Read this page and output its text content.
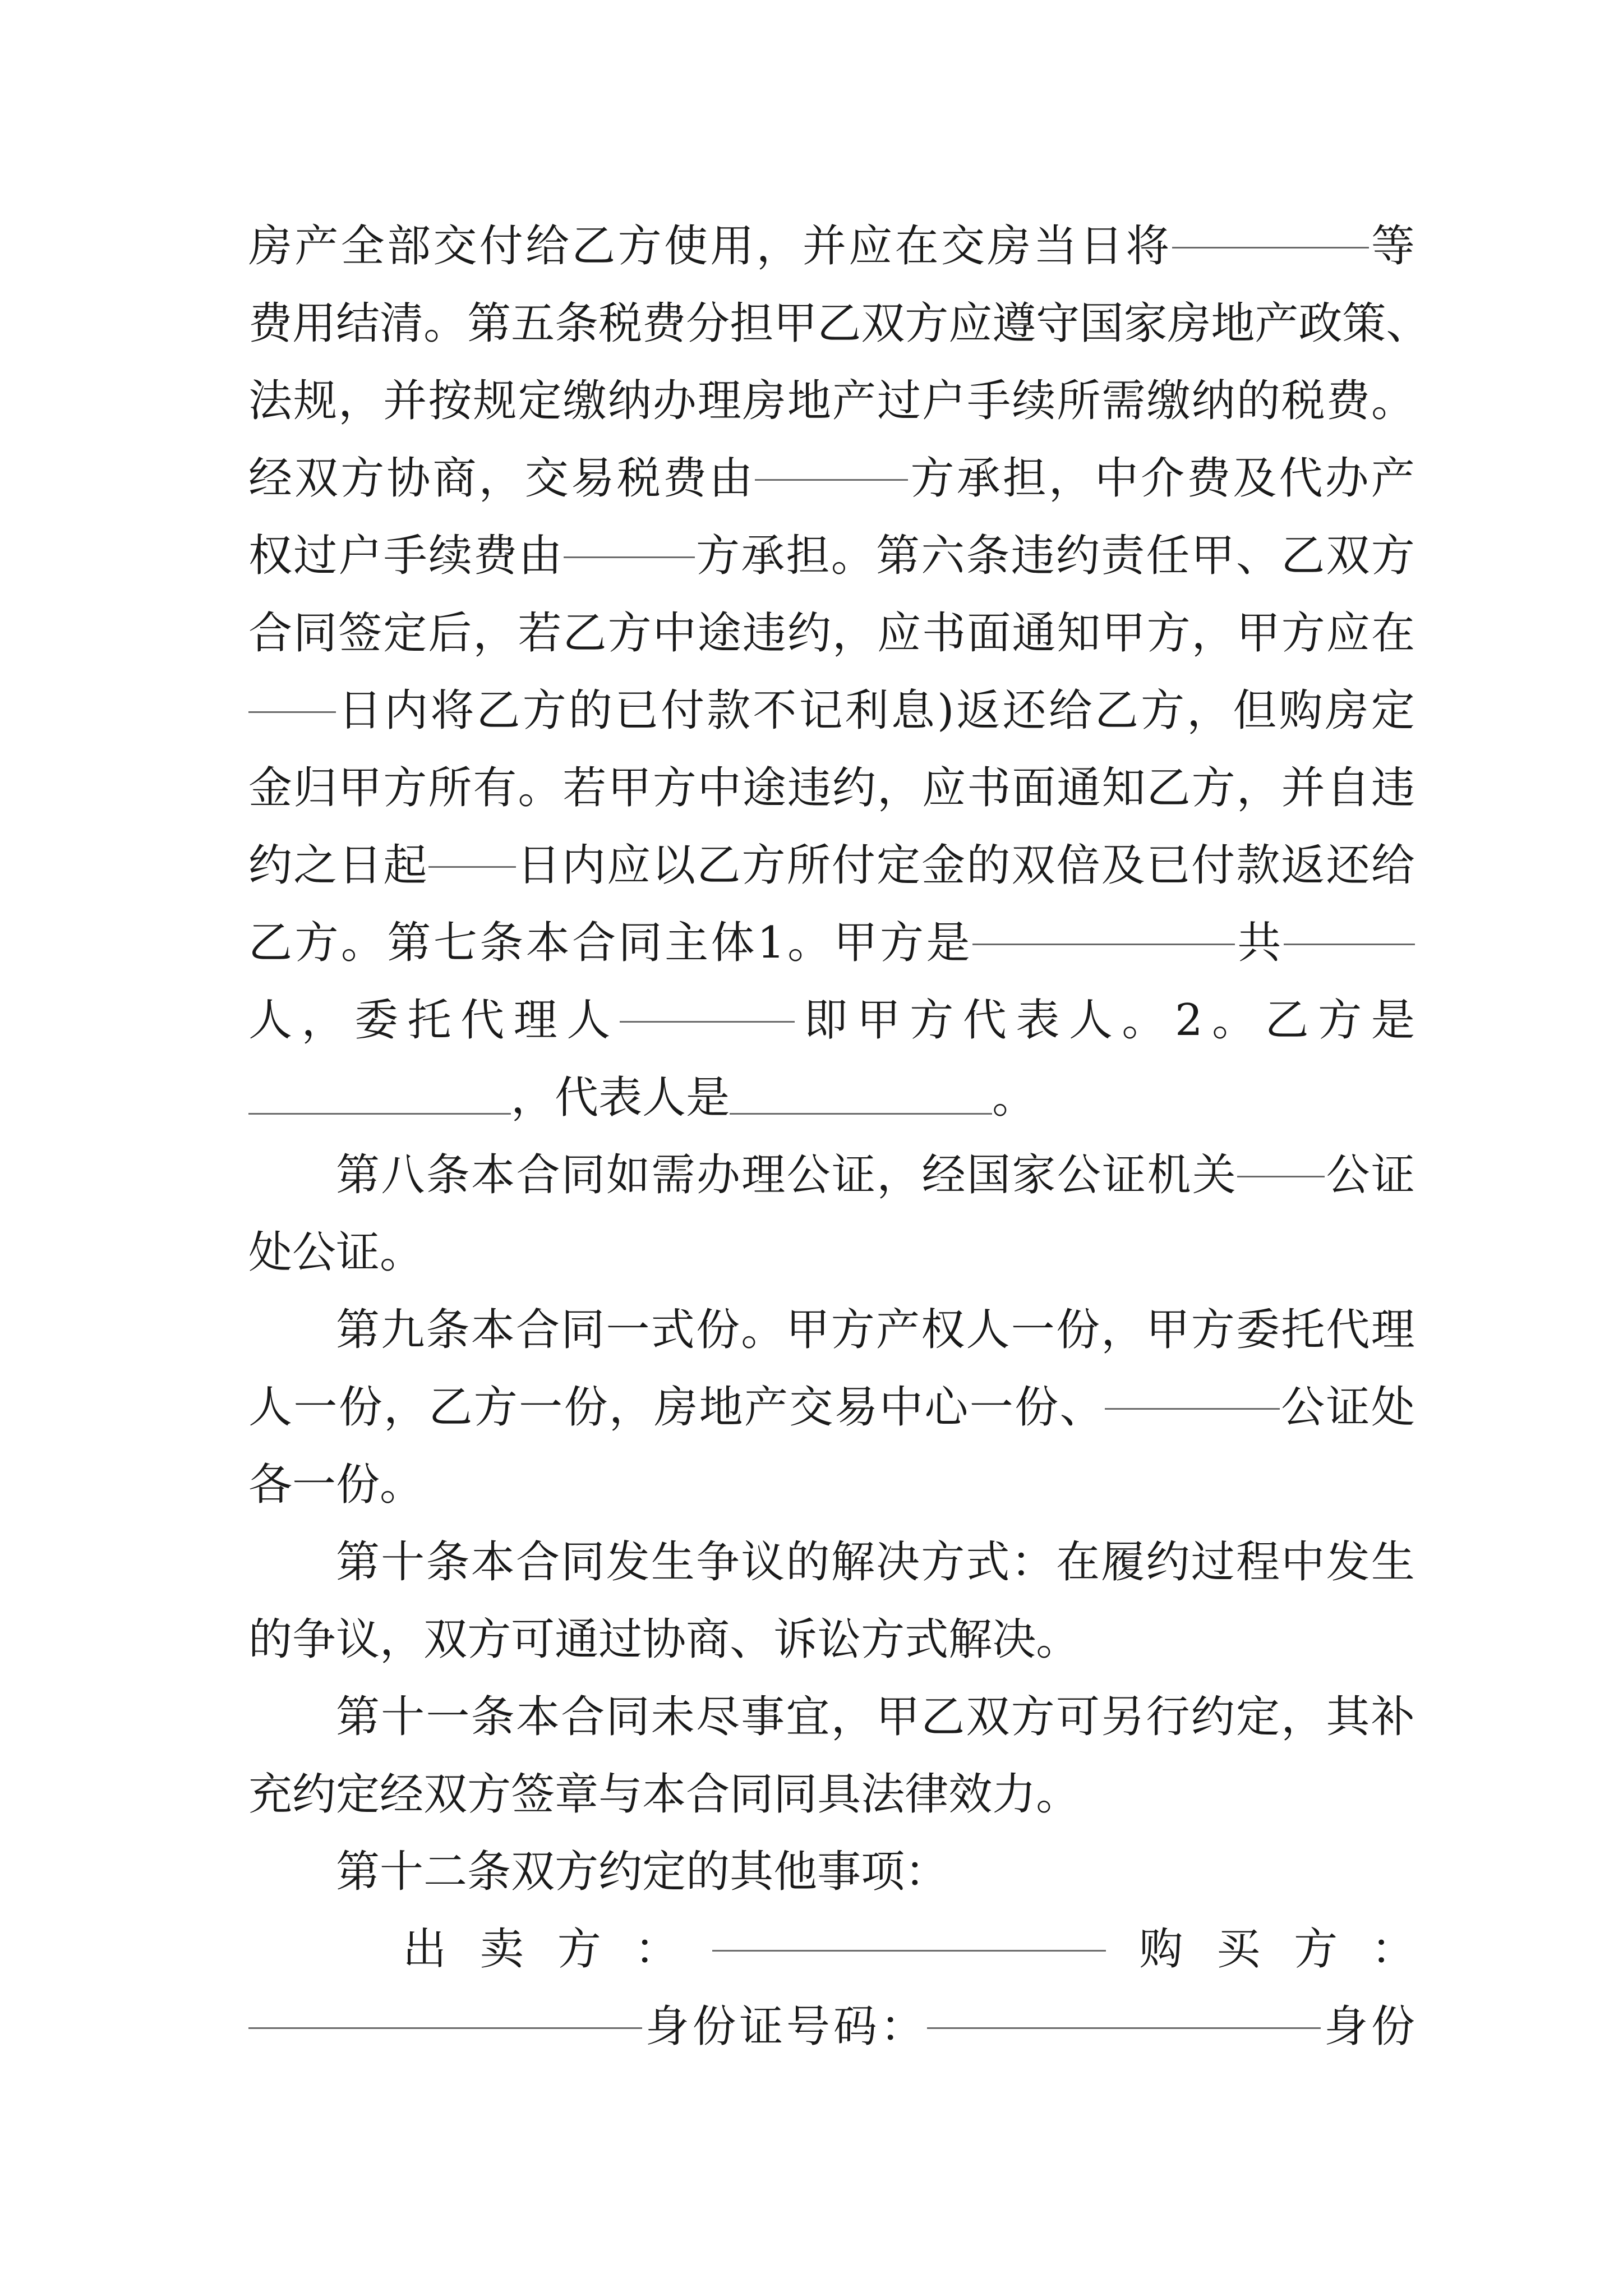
房 产 全 部 交 付 给 乙 方 使 用 ， 并 应 在 交 房 当 日 将	等
费 用 结 清 。 第 五 条 税 费 分 担 甲 乙 双 方 应 遵 守 国 家 房 地 产 政 策 、
法 规 ， 并 按 规 定 缴 纳 办 理 房 地 产 过 户 手 续 所 需 缴 纳 的 税 费 。
经 双 方 协 商 ， 交 易 税 费 由	方 承 担 ， 中 介 费 及 代 办 产
权 过 户 手 续 费 由	方 承 担 。 第 六 条 违 约 责 任 甲 、 乙 双 方
合 同 签 定 后 ， 若 乙 方 中 途 违 约 ， 应 书 面 通 知 甲 方 ， 甲 方 应 在
日 内 将 乙 方 的 已 付 款 不 记 利 息 ) 返 还 给 乙 方 ， 但 购 房 定
金 归 甲 方 所 有 。 若 甲 方 中 途 违 约 ， 应 书 面 通 知 乙 方 ， 并 自 违
约 之 日 起 日 内 应 以 乙 方 所 付 定 金 的 双 倍 及 已 付 款 返 还 给
乙 方 。 第 七 条 本 合 同 主 体 1 。 甲 方 是	共
人 ， 委 托 代 理 人	即 甲 方 代 表 人 。 2 。 乙 方 是
，代表人是	。
第 八 条 本 合 同 如 需 办 理 公 证 ， 经 国 家 公 证 机 关 公 证
处公证。
第 九 条 本 合 同 一 式 份 。 甲 方 产 权 人 一 份 ， 甲 方 委 托 代 理
人 一 份 ， 乙 方 一 份 ， 房 地 产 交 易 中 心 一 份 、	公 证 处
各一份。
第 十 条 本 合 同 发 生 争 议 的 解 决 方 式 ： 在 履 约 过 程 中 发 生
的争议，双方可通过协商、诉讼方式解决。
第 十 一 条 本 合 同 未 尽 事 宜 ， 甲 乙 双 方 可 另 行 约 定 ， 其 补
充约定经双方签章与本合同同具法律效力。
第十二条双方约定的其他事项：
出 卖 方 ：	购 买 方 ：
身 份 证 号 码 ：	身 份
